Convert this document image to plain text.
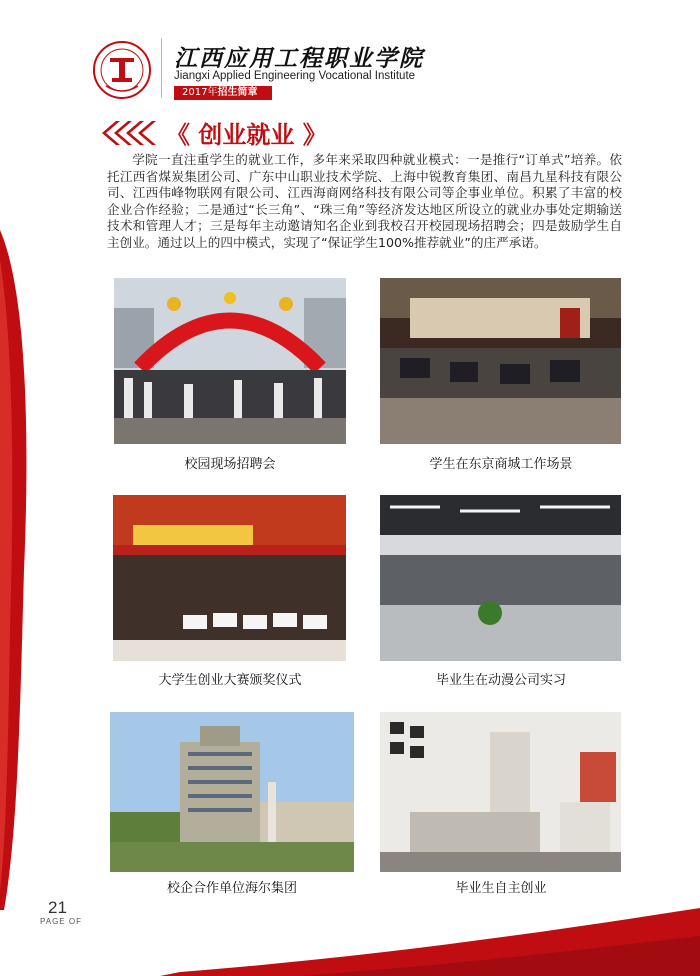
江西应用工程职业学院
Jiangxi Applied Engineering Vocational Institute
2017年招生简章
《 创业就业 》
学院一直注重学生的就业工作，多年来采取四种就业模式：一是推行“订单式”培养。依托江西省煤炭集团公司、广东中山职业技术学院、上海中锐教育集团、南昌九星科技有限公司、江西伟峰物联网有限公司、江西海商网络科技有限公司等企事业单位。积累了丰富的校企业合作经验；二是通过“长三角”、“珠三角”等经济发达地区所设立的就业办事处定期输送技术和管理人才；三是每年主动邀请知名企业到我校召开校园现场招聘会；四是鼓励学生自主创业。通过以上的四中模式，实现了“保证学生100%推荐就业”的庄严承诺。
校园现场招聘会	学生在东京商城工作场景
大学生创业大赛颁奖仪式	毕业生在动漫公司实习
校企合作单位海尔集团	毕业生自主创业
21
PAGE OF
